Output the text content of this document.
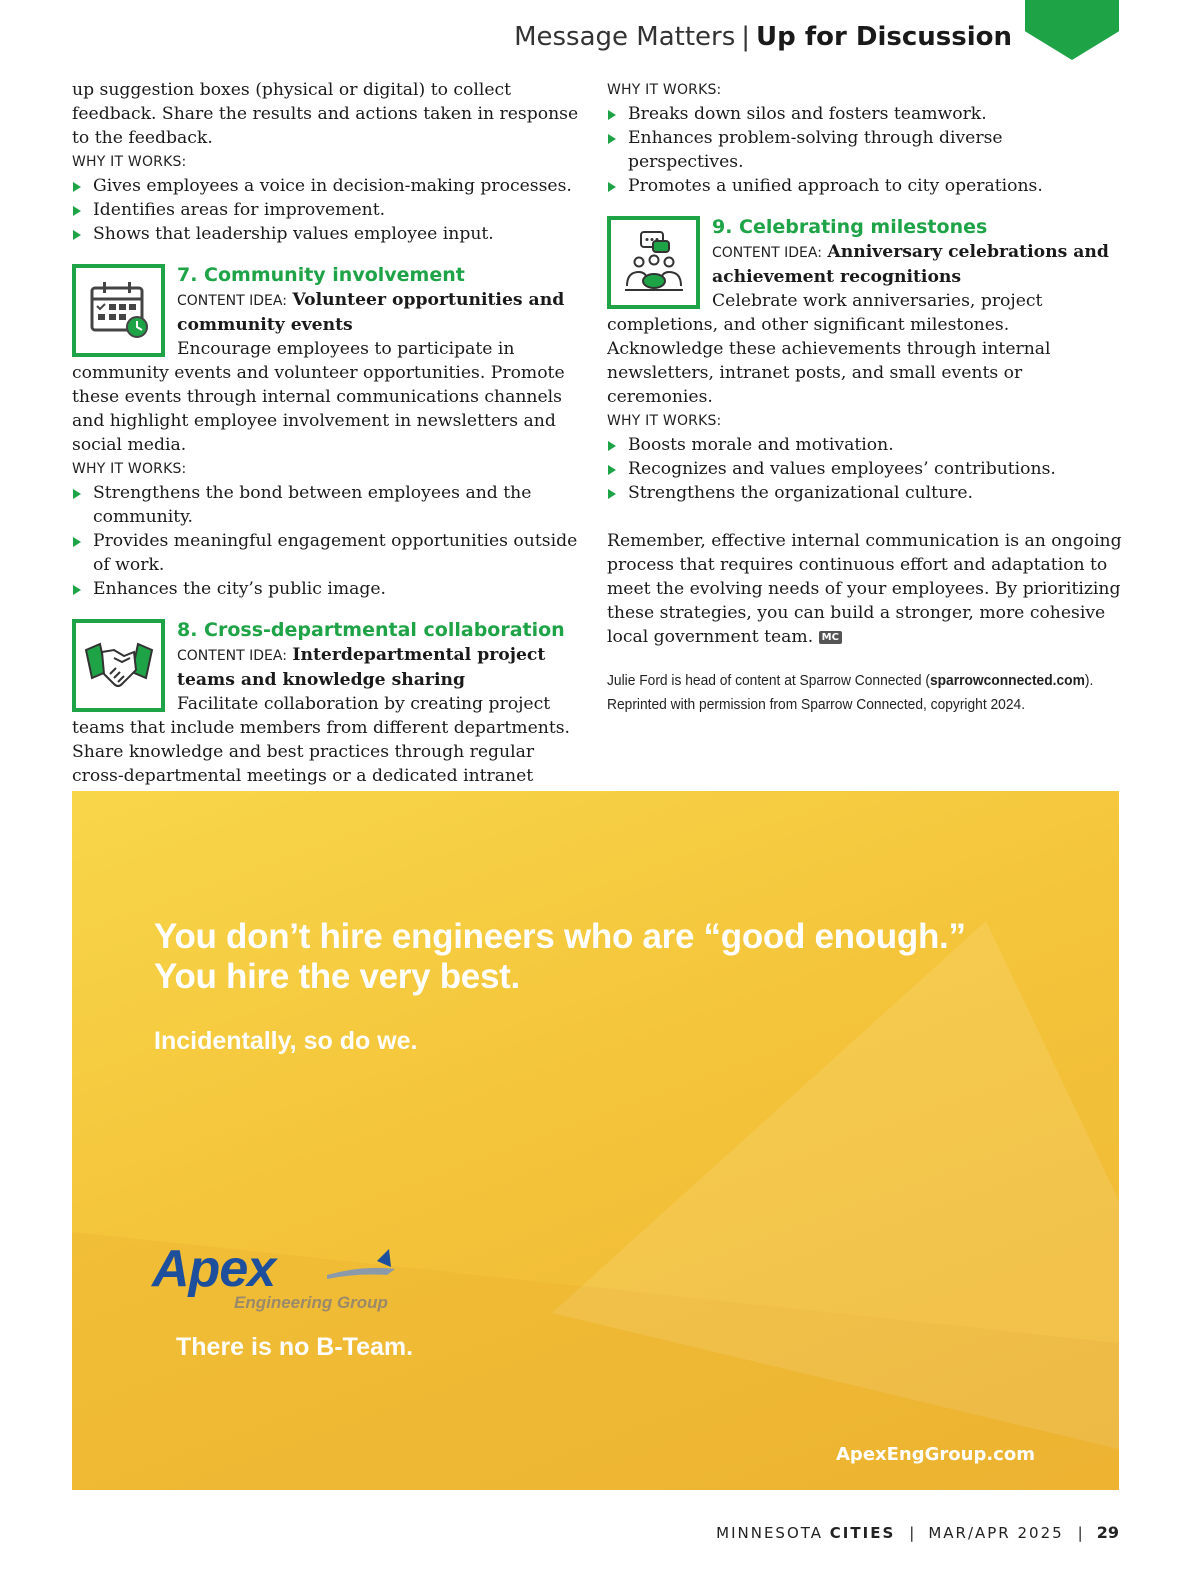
Message Matters | Up for Discussion

up suggestion boxes (physical or digital) to collect feedback. Share the results and actions taken in response to the feedback.

WHY IT WORKS:
Gives employees a voice in decision-making processes.
Identifies areas for improvement.
Shows that leadership values employee input.
7. Community involvement
CONTENT IDEA: Volunteer opportunities and community events

Encourage employees to participate in community events and volunteer opportunities. Promote these events through internal communications channels and highlight employee involvement in newsletters and social media.

WHY IT WORKS:
Strengthens the bond between employees and the community.
Provides meaningful engagement opportunities outside of work.
Enhances the city’s public image.
8. Cross-departmental collaboration
CONTENT IDEA: Interdepartmental project teams and knowledge sharing

Facilitate collaboration by creating project teams that include members from different departments. Share knowledge and best practices through regular cross-departmental meetings or a dedicated intranet

WHY IT WORKS:
Breaks down silos and fosters teamwork.
Enhances problem-solving through diverse perspectives.
Promotes a unified approach to city operations.
9. Celebrating milestones
CONTENT IDEA: Anniversary celebrations and achievement recognitions

Celebrate work anniversaries, project completions, and other significant milestones. Acknowledge these achievements through internal newsletters, intranet posts, and small events or ceremonies.

WHY IT WORKS:
Boosts morale and motivation.
Recognizes and values employees’ contributions.
Strengthens the organizational culture.

Remember, effective internal communication is an ongoing process that requires continuous effort and adaptation to meet the evolving needs of your employees. By prioritizing these strategies, you can build a stronger, more cohesive local government team. MC

Julie Ford is head of content at Sparrow Connected (sparrowconnected.com). Reprinted with permission from Sparrow Connected, copyright 2024.
You don’t hire engineers who are “good enough.”
You hire the very best.

Incidentally, so do we.

Apex
Engineering Group

There is no B-Team.

ApexEngGroup.com
MINNESOTA CITIES | MAR/APR 2025 | 29
